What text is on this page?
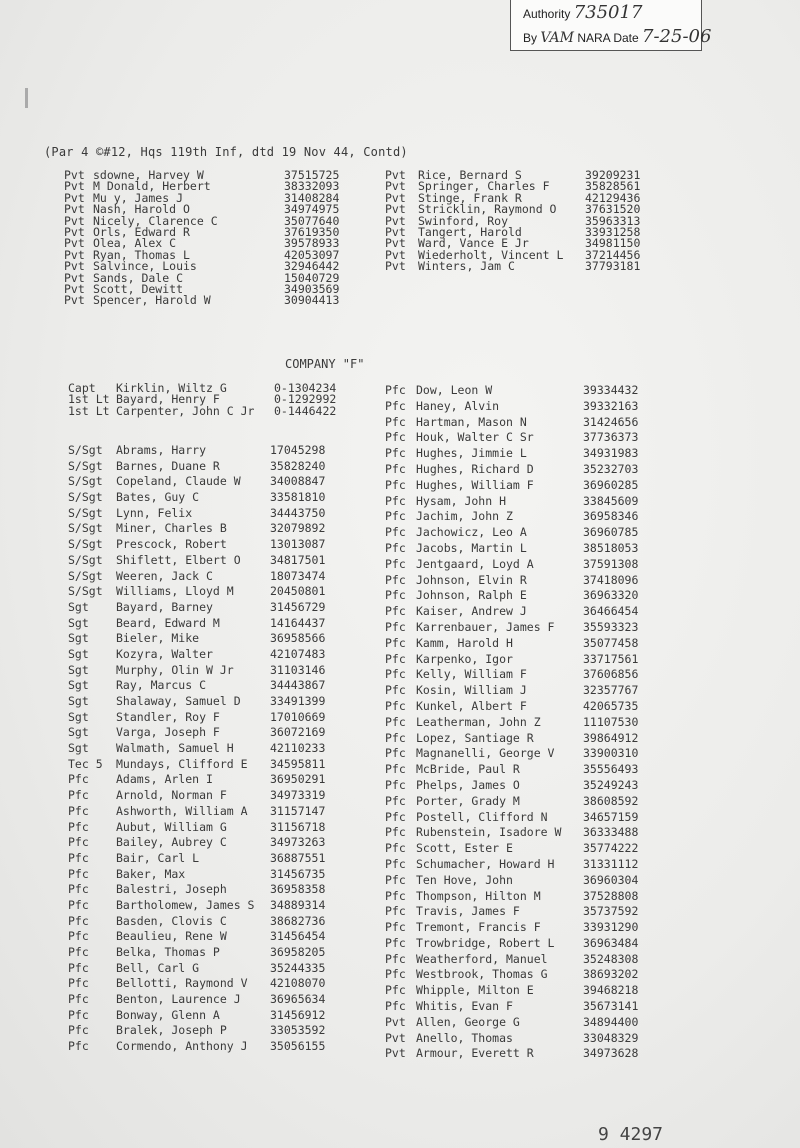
Authority 735017
By VAM NARA Date 7-25-06
(Par 4 ©#12, Hqs 119th Inf, dtd 19 Nov 44, Contd)
Pvt sdowne, Harvey W	37515725
Pvt M Donald, Herbert	38332093
Pvt Mu y, James J	31408284
Pvt Nash, Harold O	34974975
Pvt Nicely, Clarence C	35077640
Pvt Orls, Edward R	37619350
Pvt Olea, Alex C	39578933
Pvt Ryan, Thomas L	42053097
Pvt Salvince, Louis	32946442
Pvt Sands, Dale C	15040729
Pvt Scott, Dewitt	34903569
Pvt Spencer, Harold W	30904413
Pvt Rice, Bernard S	39209231
Pvt Springer, Charles F	35828561
Pvt Stinge, Frank R	42129436
Pvt Stricklin, Raymond O 37631520
Pvt Swinford, Roy	35963313
Pvt Tangert, Harold	33931258
Pvt Ward, Vance E Jr	34981150
Pvt Wiederholt, Vincent L 37214456
Pvt Winters, Jam C	37793181
COMPANY "F"
Capt Kirklin, Wiltz G	0-1304234
1st Lt Bayard, Henry F	0-1292992
1st Lt Carpenter, John C Jr 0-1446422
S/Sgt Abrams, Harry	17045298
S/Sgt Barnes, Duane R	35828240
S/Sgt Copeland, Claude W	34008847
S/Sgt Bates, Guy C	33581810
S/Sgt Lynn, Felix	34443750
S/Sgt Miner, Charles B	32079892
S/Sgt Prescock, Robert	13013087
S/Sgt Shiflett, Elbert O	34817501
S/Sgt Weeren, Jack C	18073474
S/Sgt Williams, Lloyd M	20450801
Sgt Bayard, Barney	31456729
Sgt Beard, Edward M	14164437
Sgt Bieler, Mike	36958566
Sgt Kozyra, Walter	42107483
Sgt Murphy, Olin W Jr	31103146
Sgt Ray, Marcus C	34443867
Sgt Shalaway, Samuel D	33491399
Sgt Standler, Roy F	17010669
Sgt Varga, Joseph F	36072169
Sgt Walmath, Samuel H	42110233
Tec 5 Mundays, Clifford E 34595811
Pfc Adams, Arlen I	36950291
Pfc Arnold, Norman F	34973319
Pfc Ashworth, William A 31157147
Pfc Aubut, William G	31156718
Pfc Bailey, Aubrey C	34973263
Pfc Bair, Carl L	36887551
Pfc Baker, Max	31456735
Pfc Balestri, Joseph	36958358
Pfc Bartholomew, James S 34889314
Pfc Basden, Clovis C	38682736
Pfc Beaulieu, Rene W	31456454
Pfc Belka, Thomas P	36958205
Pfc Bell, Carl G	35244335
Pfc Bellotti, Raymond V 42108070
Pfc Benton, Laurence J	36965634
Pfc Bonway, Glenn A	31456912
Pfc Bralek, Joseph P	33053592
Pfc Cormendo, Anthony J 35056155
Pfc Dow, Leon W	39334432
Pfc Haney, Alvin	39332163
Pfc Hartman, Mason N	31424656
Pfc Houk, Walter C Sr	37736373
Pfc Hughes, Jimmie L	34931983
Pfc Hughes, Richard D	35232703
Pfc Hughes, William F	36960285
Pfc Hysam, John H	33845609
Pfc Jachim, John Z	36958346
Pfc Jachowicz, Leo A	36960785
Pfc Jacobs, Martin L	38518053
Pfc Jentgaard, Loyd A	37591308
Pfc Johnson, Elvin R	37418096
Pfc Johnson, Ralph E	36963320
Pfc Kaiser, Andrew J	36466454
Pfc Karrenbauer, James F 35593323
Pfc Kamm, Harold H	35077458
Pfc Karpenko, Igor	33717561
Pfc Kelly, William F	37606856
Pfc Kosin, William J	32357767
Pfc Kunkel, Albert F	42065735
Pfc Leatherman, John Z	11107530
Pfc Lopez, Santiage R	39864912
Pfc Magnanelli, George V 33900310
Pfc McBride, Paul R	35556493
Pfc Phelps, James O	35249243
Pfc Porter, Grady M	38608592
Pfc Postell, Clifford N	34657159
Pfc Rubenstein, Isadore W 36333488
Pfc Scott, Ester E	35774222
Pfc Schumacher, Howard H 31331112
Pfc Ten Hove, John	36960304
Pfc Thompson, Hilton M	37528808
Pfc Travis, James F	35737592
Pfc Tremont, Francis F	33931290
Pfc Trowbridge, Robert L 36963484
Pfc Weatherford, Manuel	35248308
Pfc Westbrook, Thomas G	38693202
Pfc Whipple, Milton E	39468218
Pfc Whitis, Evan F	35673141
Pvt Allen, George G	34894400
Pvt Anello, Thomas	33048329
Pvt Armour, Everett R	34973628
9 4297
